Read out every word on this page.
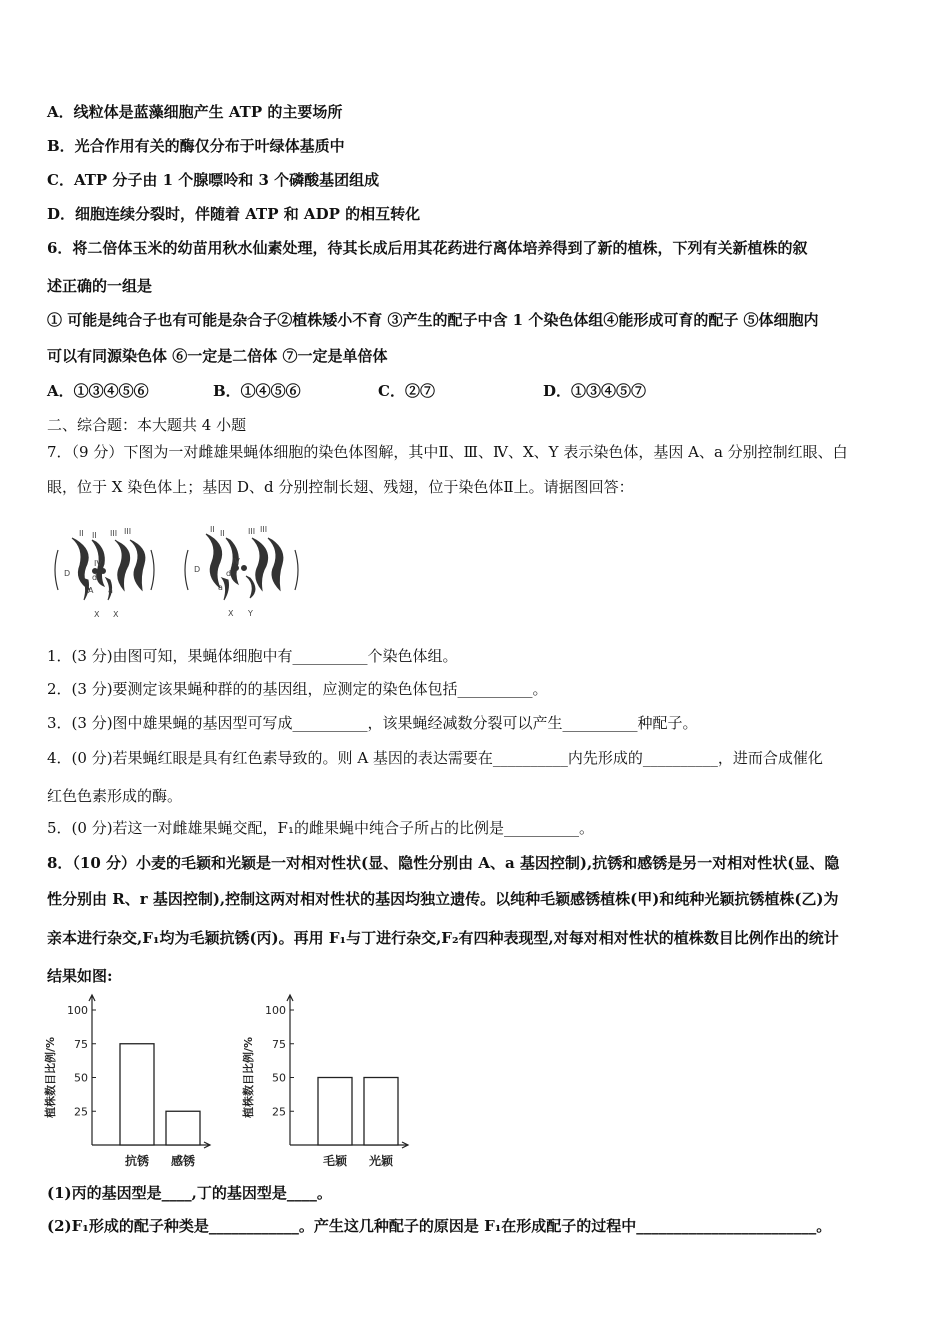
A．线粒体是蓝藻细胞产生 ATP 的主要场所
B．光合作用有关的酶仅分布于叶绿体基质中
C．ATP 分子由 1 个腺嘌呤和 3 个磷酸基团组成
D．细胞连续分裂时，伴随着 ATP 和 ADP 的相互转化
6．将二倍体玉米的幼苗用秋水仙素处理，待其长成后用其花药进行离体培养得到了新的植株，下列有关新植株的叙
述正确的一组是
① 可能是纯合子也有可能是杂合子②植株矮小不育 ③产生的配子中含 1 个染色体组④能形成可育的配子 ⑤体细胞内
可以有同源染色体 ⑥一定是二倍体 ⑦一定是单倍体
A．①③④⑤⑥	B．①④⑤⑥	C．②⑦	D．①③④⑤⑦
二、综合题：本大题共 4 小题
7．（9 分）下图为一对雌雄果蝇体细胞的染色体图解，其中Ⅱ、Ⅲ、Ⅳ、X、Y 表示染色体，基因 A、a 分别控制红眼、白
眼，位于 X 染色体上；基因 D、d 分别控制长翅、残翅，位于染色体Ⅱ上。请据图回答：
II II III III
IV
D	d
A a
X X
II II	III III
IV
D	d
a
X Y
1．(3 分)由图可知，果蝇体细胞中有__________个染色体组。
2．(3 分)要测定该果蝇种群的的基因组，应测定的染色体包括__________。
3．(3 分)图中雄果蝇的基因型可写成__________，该果蝇经减数分裂可以产生__________种配子。
4．(0 分)若果蝇红眼是具有红色素导致的。则 A 基因的表达需要在__________内先形成的__________，进而合成催化
红色色素形成的酶。
5．(0 分)若这一对雌雄果蝇交配，F₁的雌果蝇中纯合子所占的比例是__________。
8．（10 分）小麦的毛颖和光颖是一对相对性状(显、隐性分别由 A、a 基因控制),抗锈和感锈是另一对相对性状(显、隐
性分别由 R、r 基因控制),控制这两对相对性状的基因均独立遗传。以纯种毛颖感锈植株(甲)和纯种光颖抗锈植株(乙)为
亲本进行杂交,F₁均为毛颖抗锈(丙)。再用 F₁与丁进行杂交,F₂有四种表现型,对每对相对性状的植株数目比例作出的统计
结果如图:
25
50
75
100
植株数目比例/%
抗锈 感锈
25
50
75
100
植株数目比例/%
毛颖 光颖
(1)丙的基因型是____,丁的基因型是____。
(2)F₁形成的配子种类是____________。产生这几种配子的原因是 F₁在形成配子的过程中________________________。
